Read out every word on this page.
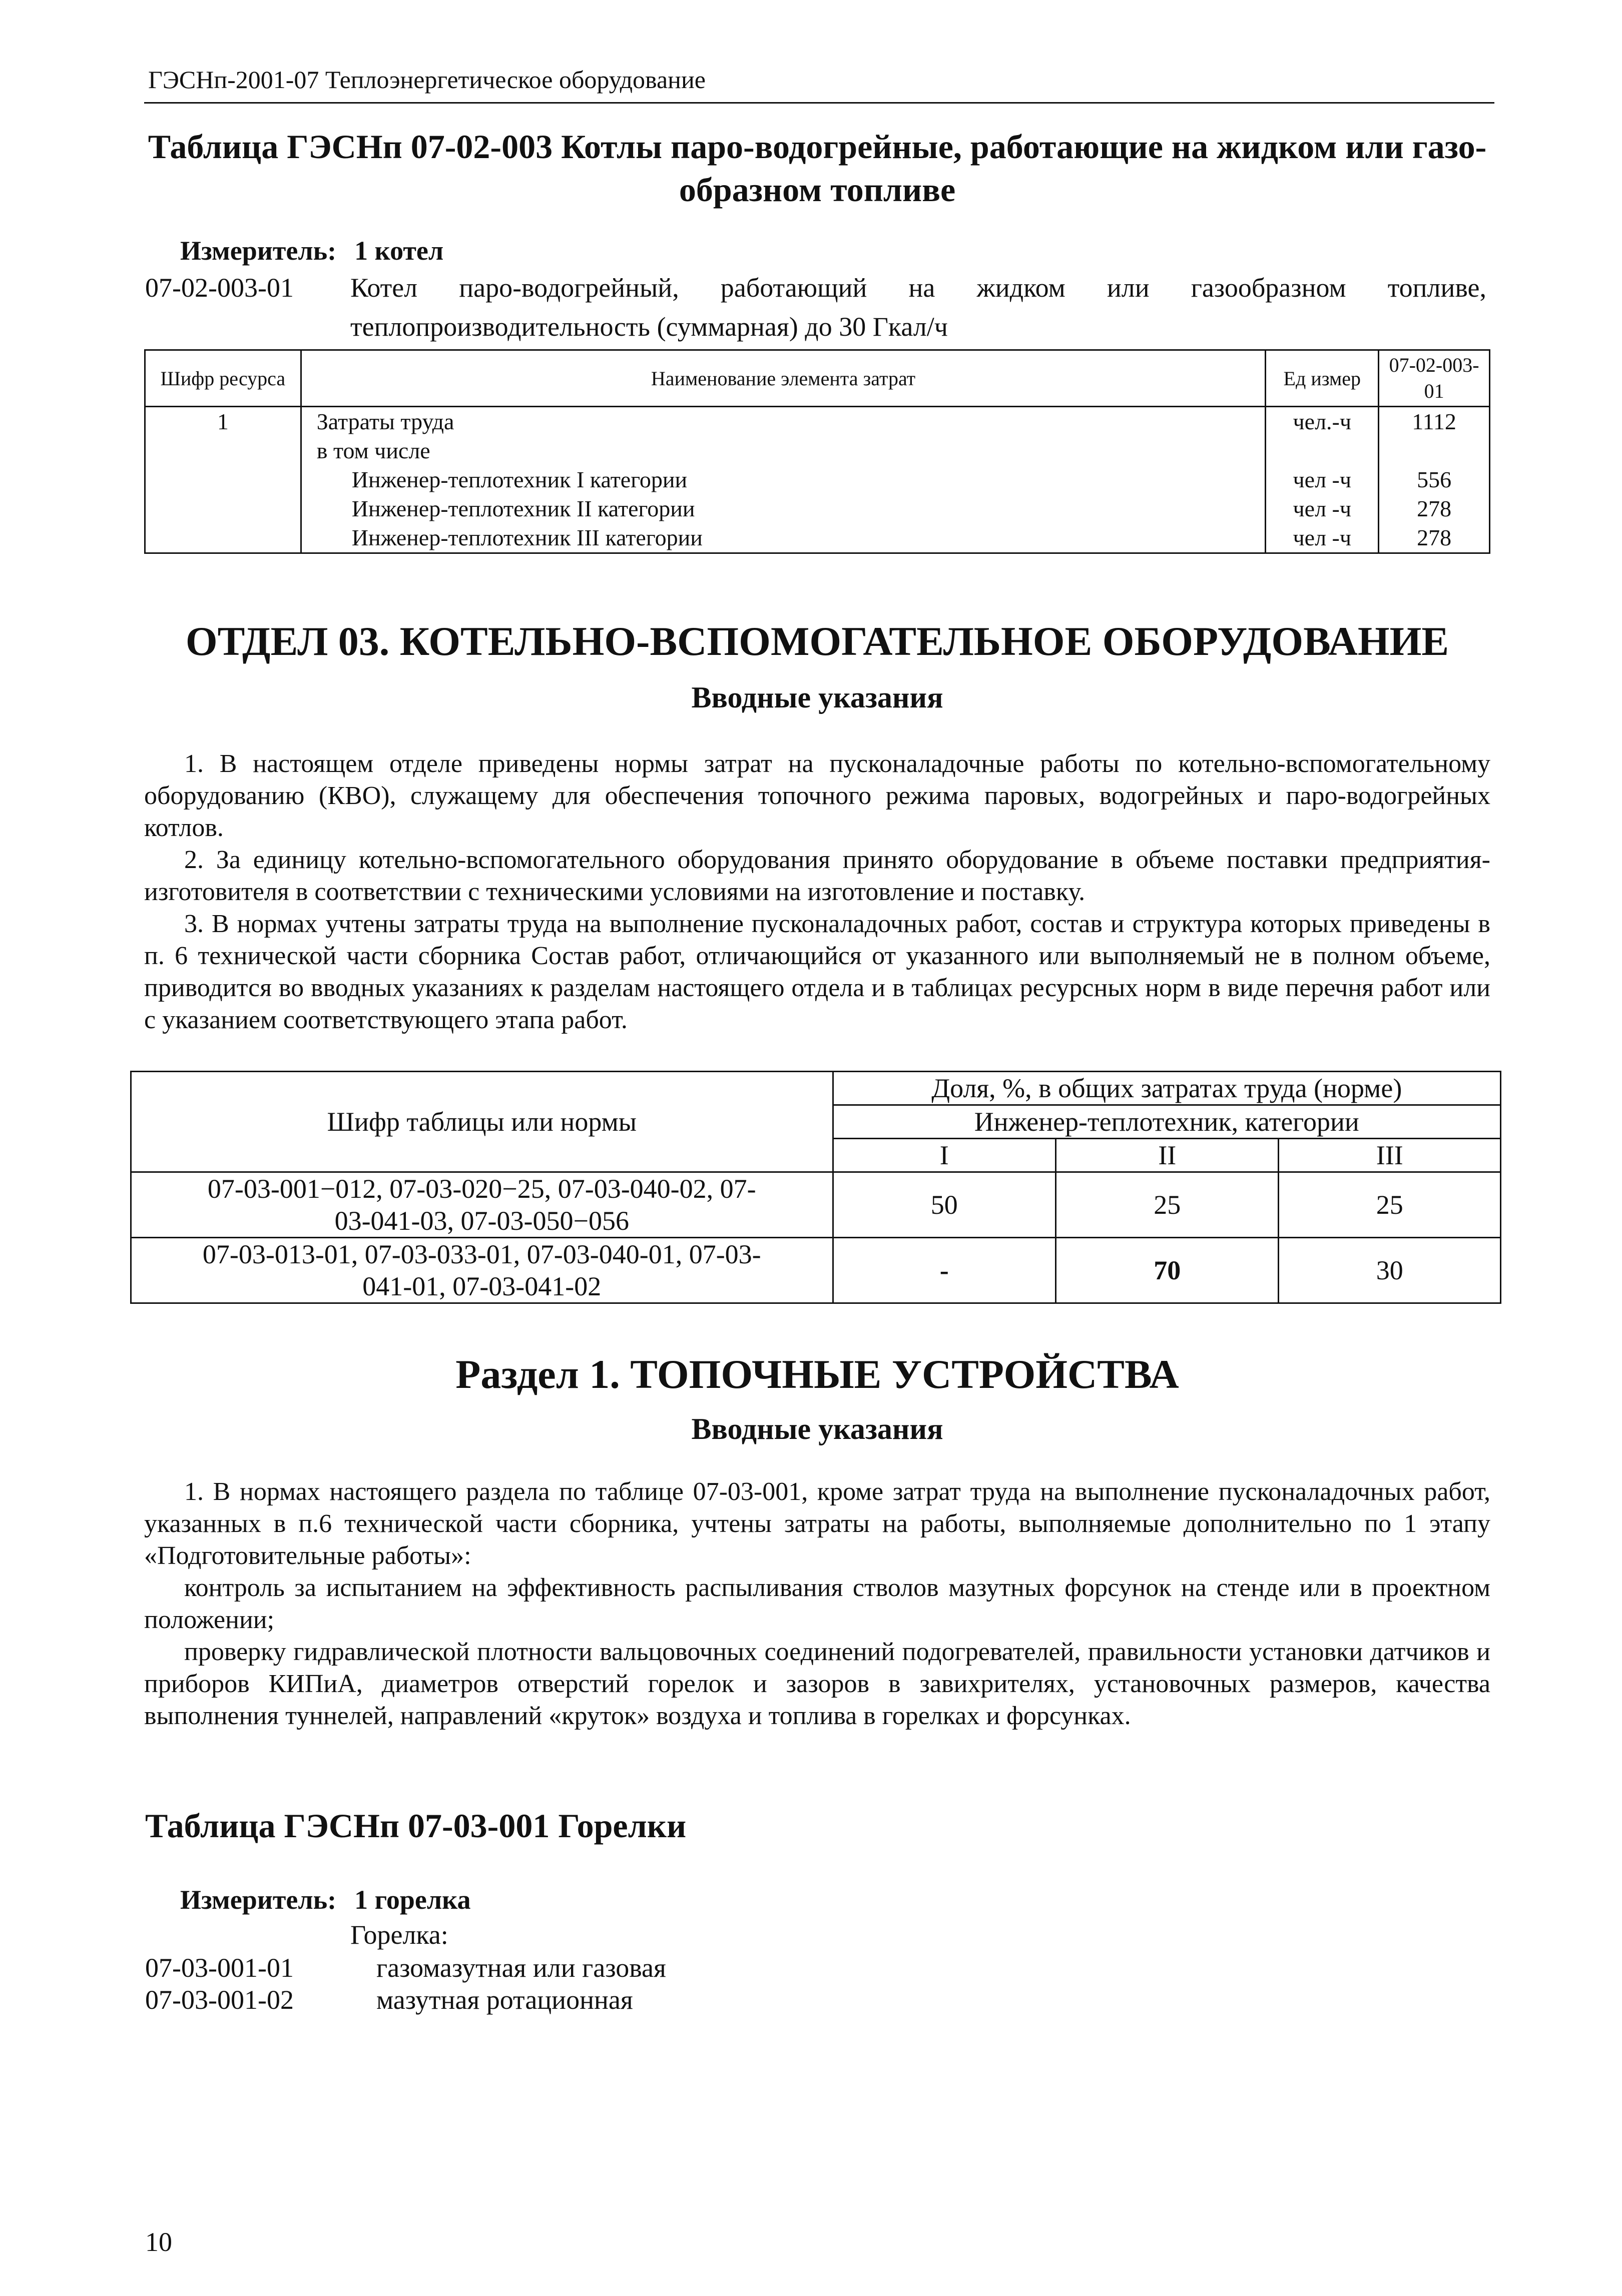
ГЭСНп-2001-07 Теплоэнергетическое оборудование
Таблица ГЭСНп 07-02-003 Котлы паро-водогрейные, работающие на жидком или газо-образном топливе
Измеритель: 1 котел
07-02-003-01 Котел паро-водогрейный, работающий на жидком или газообразном топливе, теплопроизводительность (суммарная) до 30 Гкал/ч
Шифр ресурса	Наименование элемента затрат	Ед измер	07-02-003-01
1	Затраты труда	чел.-ч	1112
	в том числе		
	Инженер-теплотехник I категории	чел -ч	556
	Инженер-теплотехник II категории	чел -ч	278
	Инженер-теплотехник III категории	чел -ч	278
ОТДЕЛ 03. КОТЕЛЬНО-ВСПОМОГАТЕЛЬНОЕ ОБОРУДОВАНИЕ
Вводные указания

1. В настоящем отделе приведены нормы затрат на пусконаладочные работы по котельно-вспомогательному оборудованию (КВО), служащему для обеспечения топочного режима паровых, водогрейных и паро-водогрейных котлов.

2. За единицу котельно-вспомогательного оборудования принято оборудование в объеме поставки предприятия-изготовителя в соответствии с техническими условиями на изготовление и поставку.

3. В нормах учтены затраты труда на выполнение пусконаладочных работ, состав и структура которых приведены в п. 6 технической части сборника Состав работ, отличающийся от указанного или выполняемый не в полном объеме, приводится во вводных указаниях к разделам настоящего отдела и в таблицах ресурсных норм в виде перечня работ или с указанием соответствующего этапа работ.

Шифр таблицы или нормы	Доля, %, в общих затратах труда (норме)		
	Инженер-теплотехник, категории		
	I	II	III
07-03-001−012, 07-03-020−25, 07-03-040-02, 07-03-041-03, 07-03-050−056	50	25	25
07-03-013-01, 07-03-033-01, 07-03-040-01, 07-03-041-01, 07-03-041-02	-	70	30
Раздел 1. ТОПОЧНЫЕ УСТРОЙСТВА
Вводные указания

1. В нормах настоящего раздела по таблице 07-03-001, кроме затрат труда на выполнение пусконаладочных работ, указанных в п.6 технической части сборника, учтены затраты на работы, выполняемые дополнительно по 1 этапу «Подготовительные работы»:

контроль за испытанием на эффективность распыливания стволов мазутных форсунок на стенде или в проектном положении;

проверку гидравлической плотности вальцовочных соединений подогревателей, правильности установки датчиков и приборов КИПиА, диаметров отверстий горелок и зазоров в завихрителях, установочных размеров, качества выполнения туннелей, направлений «круток» воздуха и топлива в горелках и форсунках.

Таблица ГЭСНп 07-03-001 Горелки
Измеритель: 1 горелка
Горелка:
07-03-001-01	газомазутная или газовая
07-03-001-02	мазутная ротационная
10
